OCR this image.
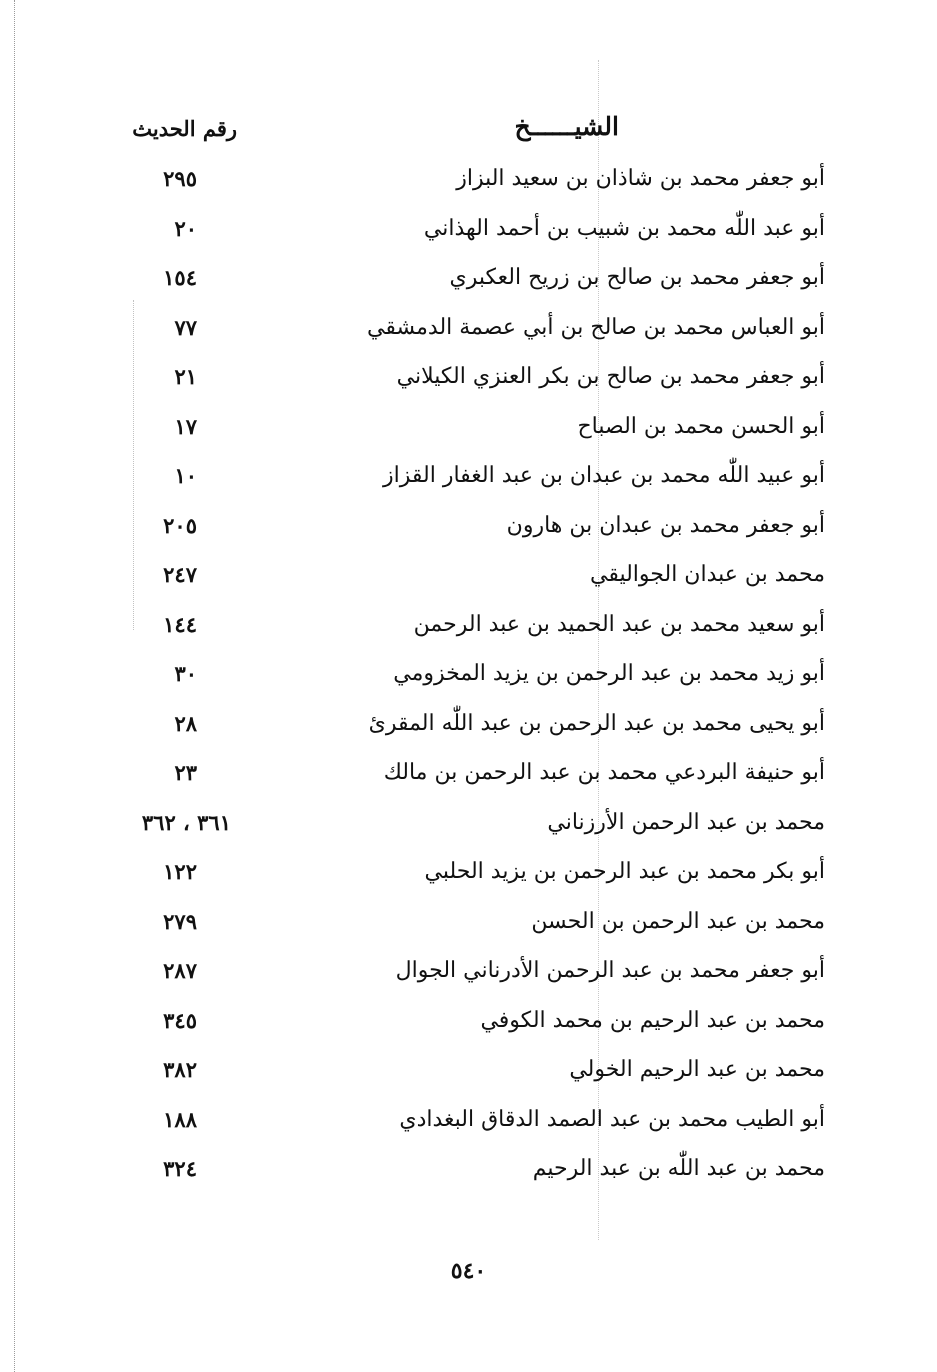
الشيــــــخ
رقم الحديث
أبو جعفر محمد بن شاذان بن سعيد البزاز
٢٩٥
أبو عبد اللّٰه محمد بن شبيب بن أحمد الهذاني
٢٠
أبو جعفر محمد بن صالح بن زريح العكبري
١٥٤
أبو العباس محمد بن صالح بن أبي عصمة الدمشقي
٧٧
أبو جعفر محمد بن صالح بن بكر العنزي الكيلاني
٢١
أبو الحسن محمد بن الصباح
١٧
أبو عبيد اللّٰه محمد بن عبدان بن عبد الغفار القزاز
١٠
أبو جعفر محمد بن عبدان بن هارون
٢٠٥
محمد بن عبدان الجواليقي
٢٤٧
أبو سعيد محمد بن عبد الحميد بن عبد الرحمن
١٤٤
أبو زيد محمد بن عبد الرحمن بن يزيد المخزومي
٣٠
أبو يحيى محمد بن عبد الرحمن بن عبد اللّٰه المقرئ
٢٨
أبو حنيفة البردعي محمد بن عبد الرحمن بن مالك
٢٣
محمد بن عبد الرحمن الأرزناني
٣٦١ ، ٣٦٢
أبو بكر محمد بن عبد الرحمن بن يزيد الحلبي
١٢٢
محمد بن عبد الرحمن بن الحسن
٢٧٩
أبو جعفر محمد بن عبد الرحمن الأدرناني الجوال
٢٨٧
محمد بن عبد الرحيم بن محمد الكوفي
٣٤٥
محمد بن عبد الرحيم الخولي
٣٨٢
أبو الطيب محمد بن عبد الصمد الدقاق البغدادي
١٨٨
محمد بن عبد اللّٰه بن عبد الرحيم
٣٢٤
٥٤٠
